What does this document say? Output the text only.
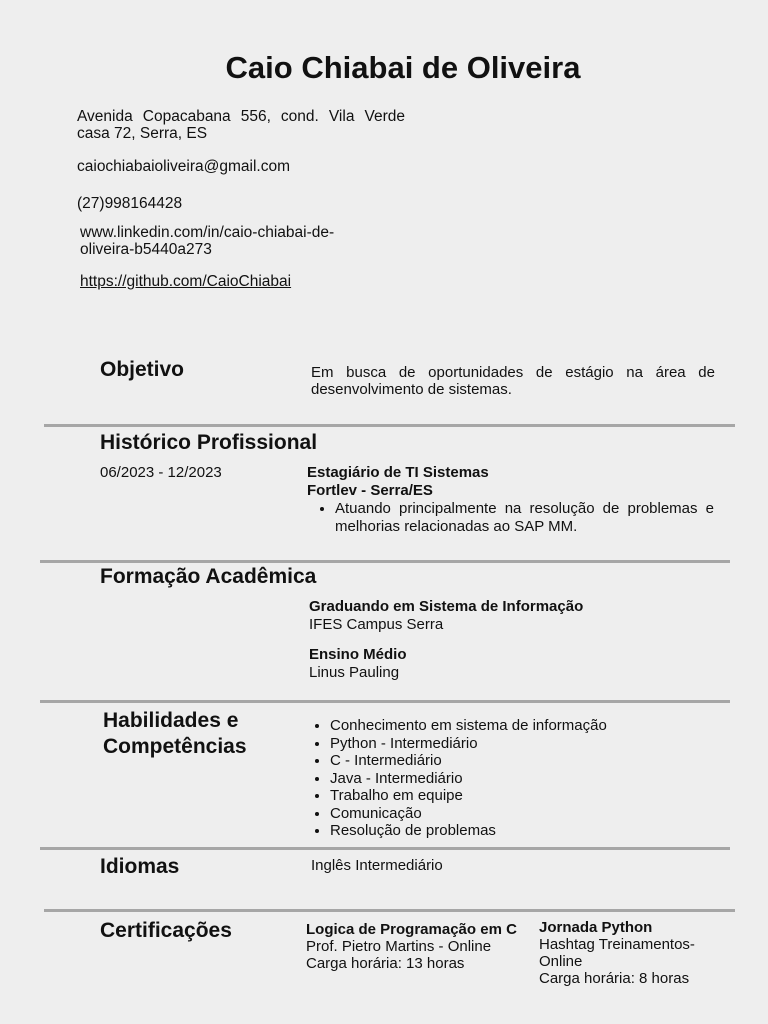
Caio Chiabai de Oliveira
Avenida Copacabana 556, cond. Vila Verde casa 72, Serra, ES
caiochiabaioliveira@gmail.com
(27)998164428
www.linkedin.com/in/caio-chiabai-de-oliveira-b5440a273
https://github.com/CaioChiabai
Objetivo	Em busca de oportunidades de estágio na área de desenvolvimento de sistemas.
Histórico Profissional
06/2023 - 12/2023	Estagiário de TI Sistemas
Fortlev - Serra/ES
• Atuando principalmente na resolução de problemas e melhorias relacionadas ao SAP MM.
Formação Acadêmica
Graduando em Sistema de Informação
IFES Campus Serra
Ensino Médio
Linus Pauling
Habilidades e
Competências
• Conhecimento em sistema de informação
• Python - Intermediário
• C - Intermediário
• Java - Intermediário
• Trabalho em equipe
• Comunicação
• Resolução de problemas
Idiomas	Inglês Intermediário
Certificações	Logica de Programação em C
Prof. Pietro Martins - Online
Carga horária: 13 horas
Jornada Python
Hashtag Treinamentos-Online
Carga horária: 8 horas
